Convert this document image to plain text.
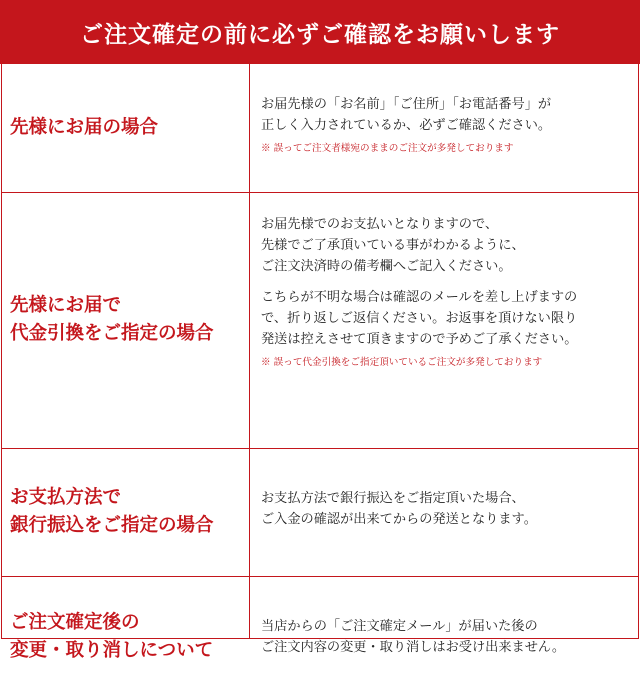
ご注文確定の前に必ずご確認をお願いします
先様にお届の場合
お届先様の「お名前」「ご住所」「お電話番号」が
正しく入力されているか、必ずご確認ください。
※ 誤ってご注文者様宛のままのご注文が多発しております
先様にお届で
代金引換をご指定の場合
お届先様でのお支払いとなりますので、
先様でご了承頂いている事がわかるように、
ご注文決済時の備考欄へご記入ください。
こちらが不明な場合は確認のメールを差し上げますの
で、折り返しご返信ください。お返事を頂けない限り
発送は控えさせて頂きますので予めご了承ください。
※ 誤って代金引換をご指定頂いているご注文が多発しております
お支払方法で
銀行振込をご指定の場合
お支払方法で銀行振込をご指定頂いた場合、
ご入金の確認が出来てからの発送となります。
ご注文確定後の
変更・取り消しについて
当店からの「ご注文確定メール」が届いた後の
ご注文内容の変更・取り消しはお受け出来ません。
